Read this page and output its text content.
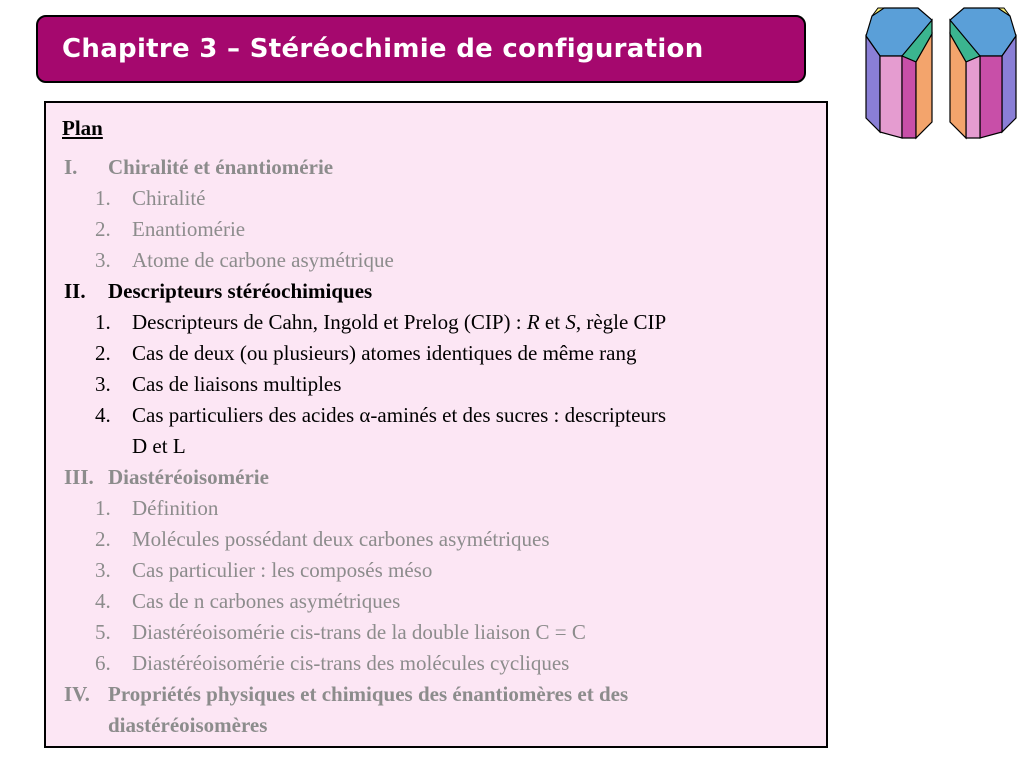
Chapitre 3 – Stéréochimie de configuration
Plan
I. Chiralité et énantiomérie
1. Chiralité
2. Enantiomérie
3. Atome de carbone asymétrique
II. Descripteurs stéréochimiques
1. Descripteurs de Cahn, Ingold et Prelog (CIP) : R et S, règle CIP
2. Cas de deux (ou plusieurs) atomes identiques de même rang
3. Cas de liaisons multiples
4. Cas particuliers des acides α-aminés et des sucres : descripteurs
D et L
III. Diastéréoisomérie
1. Définition
2. Molécules possédant deux carbones asymétriques
3. Cas particulier : les composés méso
4. Cas de n carbones asymétriques
5. Diastéréoisomérie cis-trans de la double liaison C = C
6. Diastéréoisomérie cis-trans des molécules cycliques
IV. Propriétés physiques et chimiques des énantiomères et des
diastéréoisomères
